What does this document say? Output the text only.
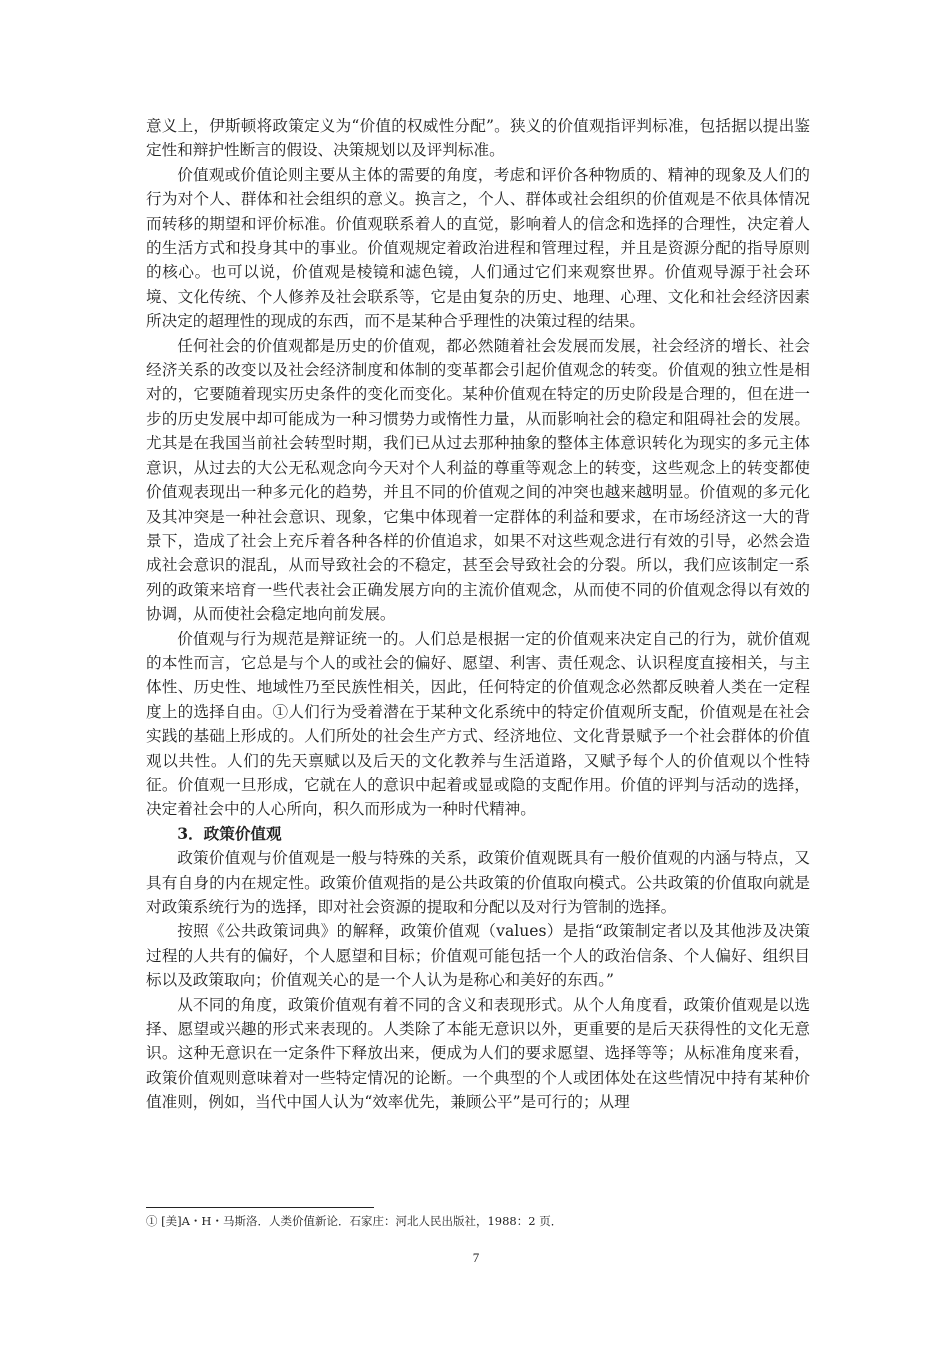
意义上，伊斯顿将政策定义为“价值的权威性分配”。狭义的价值观指评判标准，包括据以提出鉴定性和辩护性断言的假设、决策规划以及评判标准。

价值观或价值论则主要从主体的需要的角度，考虑和评价各种物质的、精神的现象及人们的行为对个人、群体和社会组织的意义。换言之，个人、群体或社会组织的价值观是不依具体情况而转移的期望和评价标准。价值观联系着人的直觉，影响着人的信念和选择的合理性，决定着人的生活方式和投身其中的事业。价值观规定着政治进程和管理过程，并且是资源分配的指导原则的核心。也可以说，价值观是棱镜和滤色镜，人们通过它们来观察世界。价值观导源于社会环境、文化传统、个人修养及社会联系等，它是由复杂的历史、地理、心理、文化和社会经济因素所决定的超理性的现成的东西，而不是某种合乎理性的决策过程的结果。

任何社会的价值观都是历史的价值观，都必然随着社会发展而发展，社会经济的增长、社会经济关系的改变以及社会经济制度和体制的变革都会引起价值观念的转变。价值观的独立性是相对的，它要随着现实历史条件的变化而变化。某种价值观在特定的历史阶段是合理的，但在进一步的历史发展中却可能成为一种习惯势力或惰性力量，从而影响社会的稳定和阻碍社会的发展。尤其是在我国当前社会转型时期，我们已从过去那种抽象的整体主体意识转化为现实的多元主体意识，从过去的大公无私观念向今天对个人利益的尊重等观念上的转变，这些观念上的转变都使价值观表现出一种多元化的趋势，并且不同的价值观之间的冲突也越来越明显。价值观的多元化及其冲突是一种社会意识、现象，它集中体现着一定群体的利益和要求，在市场经济这一大的背景下，造成了社会上充斥着各种各样的价值追求，如果不对这些观念进行有效的引导，必然会造成社会意识的混乱，从而导致社会的不稳定，甚至会导致社会的分裂。所以，我们应该制定一系列的政策来培育一些代表社会正确发展方向的主流价值观念，从而使不同的价值观念得以有效的协调，从而使社会稳定地向前发展。

价值观与行为规范是辩证统一的。人们总是根据一定的价值观来决定自己的行为，就价值观的本性而言，它总是与个人的或社会的偏好、愿望、利害、责任观念、认识程度直接相关，与主体性、历史性、地域性乃至民族性相关，因此，任何特定的价值观念必然都反映着人类在一定程度上的选择自由。①人们行为受着潜在于某种文化系统中的特定价值观所支配，价值观是在社会实践的基础上形成的。人们所处的社会生产方式、经济地位、文化背景赋予一个社会群体的价值观以共性。人们的先天禀赋以及后天的文化教养与生活道路，又赋予每个人的价值观以个性特征。价值观一旦形成，它就在人的意识中起着或显或隐的支配作用。价值的评判与活动的选择，决定着社会中的人心所向，积久而形成为一种时代精神。

3．政策价值观

政策价值观与价值观是一般与特殊的关系，政策价值观既具有一般价值观的内涵与特点，又具有自身的内在规定性。政策价值观指的是公共政策的价值取向模式。公共政策的价值取向就是对政策系统行为的选择，即对社会资源的提取和分配以及对行为管制的选择。

按照《公共政策词典》的解释，政策价值观（values）是指“政策制定者以及其他涉及决策过程的人共有的偏好，个人愿望和目标；价值观可能包括一个人的政治信条、个人偏好、组织目标以及政策取向；价值观关心的是一个人认为是称心和美好的东西。”

从不同的角度，政策价值观有着不同的含义和表现形式。从个人角度看，政策价值观是以选择、愿望或兴趣的形式来表现的。人类除了本能无意识以外，更重要的是后天获得性的文化无意识。这种无意识在一定条件下释放出来，便成为人们的要求愿望、选择等等；从标准角度来看，政策价值观则意味着对一些特定情况的论断。一个典型的个人或团体处在这些情况中持有某种价值准则，例如，当代中国人认为“效率优先，兼顾公平”是可行的；从理

① [美]A・H・马斯洛．人类价值新论．石家庄：河北人民出版社，1988：2 页．
7
